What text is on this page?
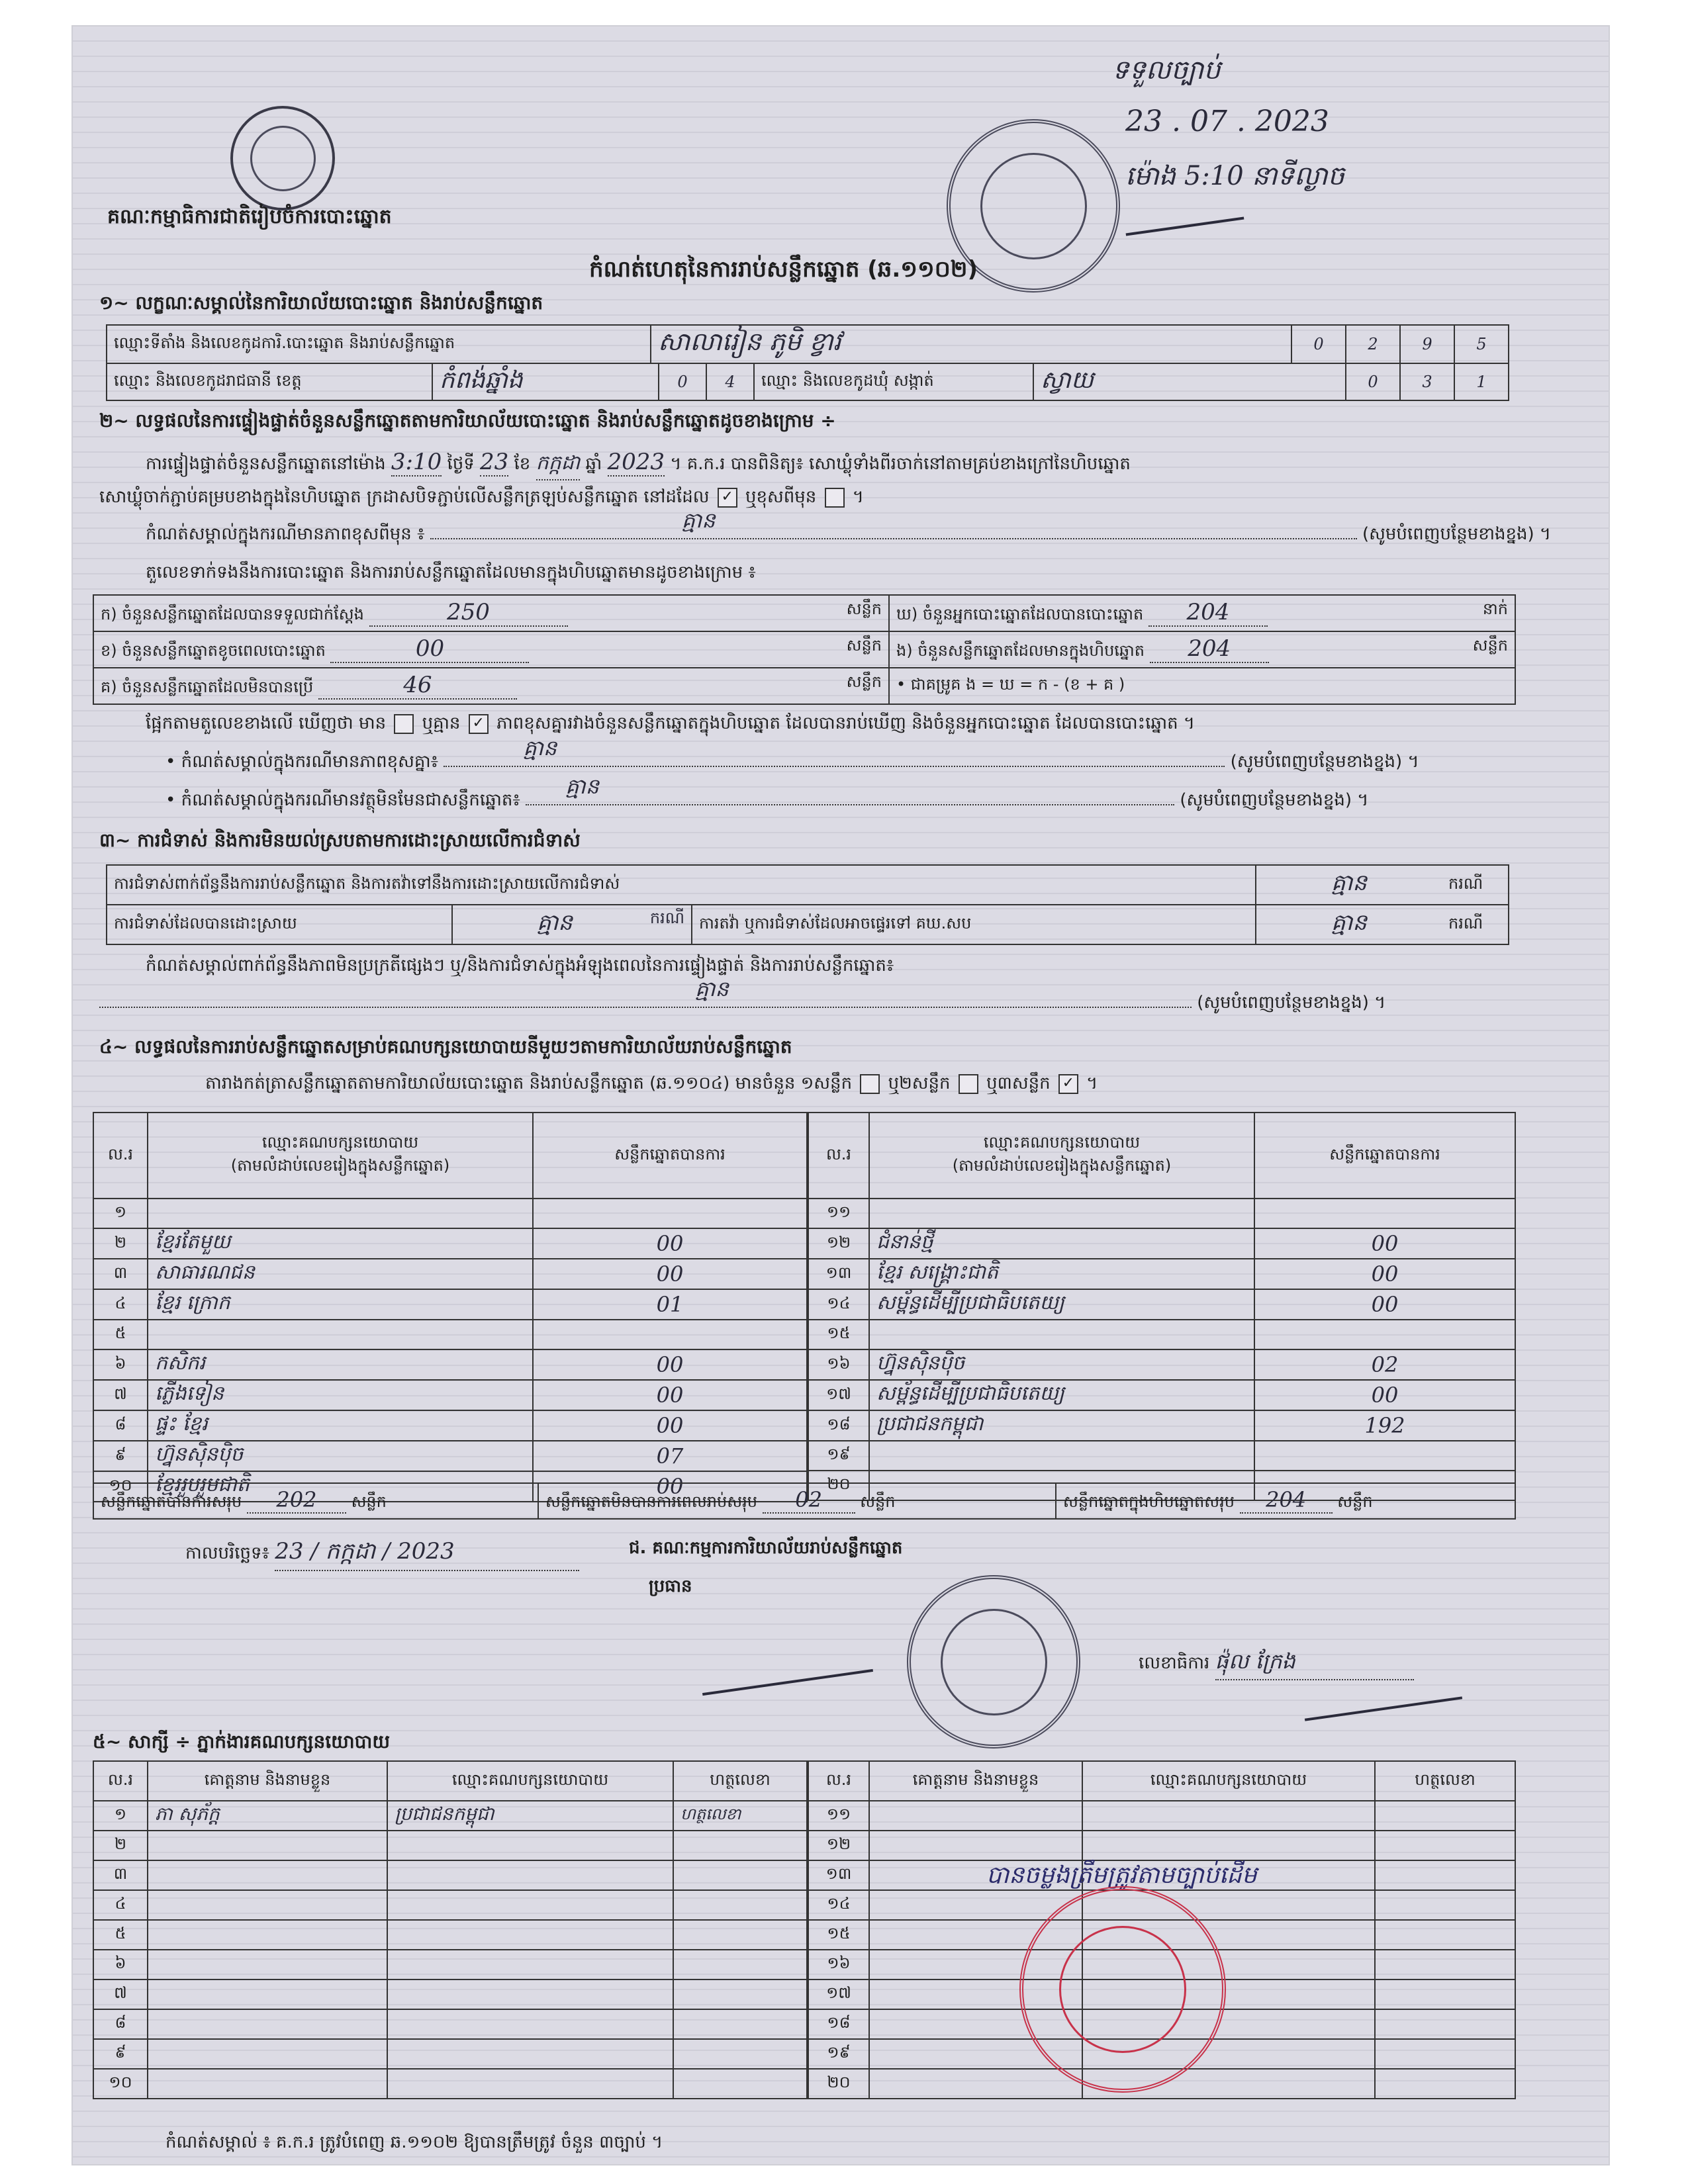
គណៈកម្មាធិការជាតិរៀបចំការបោះឆ្នោត
ទទួលច្បាប់
23 . 07 . 2023
ម៉ោង 5:10 នាទីល្ងាច
កំណត់ហេតុនៃការរាប់សន្លឹកឆ្នោត (ឆ.១១០២)
១~ លក្ខណៈសម្គាល់នៃការិយាល័យបោះឆ្នោត និងរាប់សន្លឹកឆ្នោត
ឈ្មោះទីតាំង និងលេខកូដការិ.បោះឆ្នោត និងរាប់សន្លឹកឆ្នោត	សាលារៀន ភូមិ ខ្វាវ	0	2	9	5
ឈ្មោះ និងលេខកូដរាជធានី ខេត្ត	កំពង់ឆ្នាំង	0	4	ឈ្មោះ និងលេខកូដឃុំ សង្កាត់	ស្វាយ	0	3	1
២~ លទ្ធផលនៃការផ្ទៀងផ្ទាត់ចំនួនសន្លឹកឆ្នោតតាមការិយាល័យបោះឆ្នោត និងរាប់សន្លឹកឆ្នោតដូចខាងក្រោម ÷
ការផ្ទៀងផ្ទាត់ចំនួនសន្លឹកឆ្នោតនៅម៉ោង 3:10 ថ្ងៃទី 23 ខែ កក្កដា ឆ្នាំ 2023 ។ គ.ក.រ បានពិនិត្យ៖ សោឃ្លុំទាំងពីរចាក់នៅតាមគ្រប់ខាងក្រៅនៃហិបឆ្នោត
សោឃ្លុំចាក់ភ្ជាប់គម្របខាងក្នុងនៃហិបឆ្នោត ក្រដាសបិទភ្ជាប់លើសន្លឹកត្រឡប់សន្លឹកឆ្នោត នៅដដែល ✓ ឬខុសពីមុន ។
កំណត់សម្គាល់ក្នុងករណីមានភាពខុសពីមុន ៖
គ្មាន
(សូមបំពេញបន្ថែមខាងខ្នង) ។
តួលេខទាក់ទងនឹងការបោះឆ្នោត និងការរាប់សន្លឹកឆ្នោតដែលមានក្នុងហិបឆ្នោតមានដូចខាងក្រោម ៖
ក) ចំនួនសន្លឹកឆ្នោតដែលបានទទួលជាក់ស្តែង 250 សន្លឹក	ឃ) ចំនួនអ្នកបោះឆ្នោតដែលបានបោះឆ្នោត 204 នាក់

ខ) ចំនួនសន្លឹកឆ្នោតខូចពេលបោះឆ្នោត 00 សន្លឹក	ង) ចំនួនសន្លឹកឆ្នោតដែលមានក្នុងហិបឆ្នោត 204 សន្លឹក

គ) ចំនួនសន្លឹកឆ្នោតដែលមិនបានប្រើ 46 សន្លឹក	• ជាគម្រូគ ង = ឃ = ក - (ខ + គ )
ផ្អែកតាមតួលេខខាងលើ ឃើញថា មាន ឬគ្មាន ✓ ភាពខុសគ្នារវាងចំនួនសន្លឹកឆ្នោតក្នុងហិបឆ្នោត ដែលបានរាប់ឃើញ និងចំនួនអ្នកបោះឆ្នោត ដែលបានបោះឆ្នោត ។
• កំណត់សម្គាល់ក្នុងករណីមានភាពខុសគ្នា៖
គ្មាន
(សូមបំពេញបន្ថែមខាងខ្នង) ។
• កំណត់សម្គាល់ក្នុងករណីមានវត្ថុមិនមែនជាសន្លឹកឆ្នោត៖
គ្មាន
(សូមបំពេញបន្ថែមខាងខ្នង) ។
៣~ ការជំទាស់ និងការមិនយល់ស្របតាមការដោះស្រាយលើការជំទាស់
ការជំទាស់ពាក់ព័ន្ធនឹងការរាប់សន្លឹកឆ្នោត និងការតវ៉ាទៅនឹងការដោះស្រាយលើការជំទាស់			គ្មាន	ករណី
ការជំទាស់ដែលបានដោះស្រាយ	គ្មាន ករណី	ការតវ៉ា ឬការជំទាស់ដែលអាចផ្ទេរទៅ គឃ.សប	គ្មាន	ករណី
កំណត់សម្គាល់ពាក់ព័ន្ធនឹងភាពមិនប្រក្រតីផ្សេងៗ ឬ/និងការជំទាស់ក្នុងអំឡុងពេលនៃការផ្ទៀងផ្ទាត់ និងការរាប់សន្លឹកឆ្នោត៖
គ្មាន
(សូមបំពេញបន្ថែមខាងខ្នង) ។
៤~ លទ្ធផលនៃការរាប់សន្លឹកឆ្នោតសម្រាប់គណបក្សនយោបាយនីមួយៗតាមការិយាល័យរាប់សន្លឹកឆ្នោត
តារាងកត់ត្រាសន្លឹកឆ្នោតតាមការិយាល័យបោះឆ្នោត និងរាប់សន្លឹកឆ្នោត (ឆ.១១០៤) មានចំនួន ១សន្លឹក ឬ២សន្លឹក ឬ៣សន្លឹក ✓ ។
ល.រ	ឈ្មោះគណបក្សនយោបាយ
(តាមលំដាប់លេខរៀងក្នុងសន្លឹកឆ្នោត)	សន្លឹកឆ្នោតបានការ
១		
២	ខ្មែរតែមួយ	00
៣	សាធារណជន	00
៤	ខ្មែរ ក្រោក	01
៥		
៦	កសិករ	00
៧	ភ្លើងទៀន	00
៨	ផ្ទះ ខ្មែរ	00
៩	ហ្វ៊ុនស៊ិនប៉ិច	07
១០	ខ្មែររួបរួមជាតិ	00
ល.រ	ឈ្មោះគណបក្សនយោបាយ
(តាមលំដាប់លេខរៀងក្នុងសន្លឹកឆ្នោត)	សន្លឹកឆ្នោតបានការ
១១		
១២	ជំនាន់ថ្មី	00
១៣	ខ្មែរ សង្គ្រោះជាតិ	00
១៤	សម្ព័ន្ធដើម្បីប្រជាធិបតេយ្យ	00
១៥		
១៦	ហ្វ៊ុនស៊ិនប៉ិច	02
១៧	សម្ព័ន្ធដើម្បីប្រជាធិបតេយ្យ	00
១៨	ប្រជាជនកម្ពុជា	192
១៩		
២០		
សន្លឹកឆ្នោតបានការសរុប 202 សន្លឹក	សន្លឹកឆ្នោតមិនបានការពេលរាប់សរុប 02 សន្លឹក	សន្លឹកឆ្នោតក្នុងហិបឆ្នោតសរុប 204 សន្លឹក
កាលបរិច្ឆេទ៖ 23 / កក្កដា / 2023	ជ. គណៈកម្មការការិយាល័យរាប់សន្លឹកឆ្នោត
ប្រធាន
លេខាធិការ ផ៉ុល ក្រែង
៥~ សាក្សី ÷ ភ្នាក់ងារគណបក្សនយោបាយ
ល.រ	គោត្តនាម និងនាមខ្លួន	ឈ្មោះគណបក្សនយោបាយ	ហត្ថលេខា
១	ភា សុភ័ក្ត	ប្រជាជនកម្ពុជា	ហត្ថលេខា
២			
៣			
៤			
៥			
៦			
៧			
៨			
៩			
១០			
ល.រ	គោត្តនាម និងនាមខ្លួន	ឈ្មោះគណបក្សនយោបាយ	ហត្ថលេខា
១១			
១២			
១៣			
១៤			
១៥			
១៦			
១៧			
១៨			
១៩			
២០			
បានចម្លងត្រឹមត្រូវតាមច្បាប់ដើម
កំណត់សម្គាល់ ៖ គ.ក.រ ត្រូវបំពេញ ឆ.១១០២ ឱ្យបានត្រឹមត្រូវ ចំនួន ៣ច្បាប់ ។
